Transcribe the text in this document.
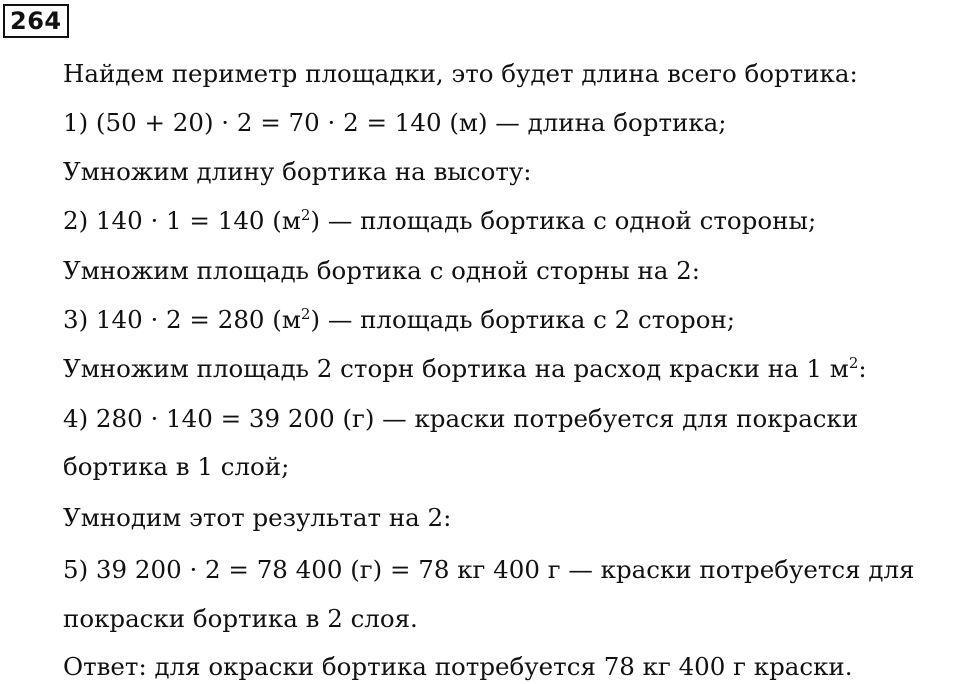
264
Найдем периметр площадки, это будет длина всего бортика:
1) (50 + 20) · 2 = 70 · 2 = 140 (м) — длина бортика;
Умножим длину бортика на высоту:
2) 140 · 1 = 140 $(м^2)$ — площадь бортика с одной стороны;
Умножим площадь бортика с одной сторны на 2:
3) 140 · 2 = 280 $(м^2)$ — площадь бортика с 2 сторон;
Умножим площадь 2 сторн бортика на расход краски на 1 $м^2$:
4) 280 · 140 = 39 200 (г) — краски потребуется для покраски
бортика в 1 слой;
Умнодим этот результат на 2:
5) 39 200 · 2 = 78 400 (г) = 78 кг 400 г — краски потребуется для
покраски бортика в 2 слоя.
Ответ: для окраски бортика потребуется 78 кг 400 г краски.
